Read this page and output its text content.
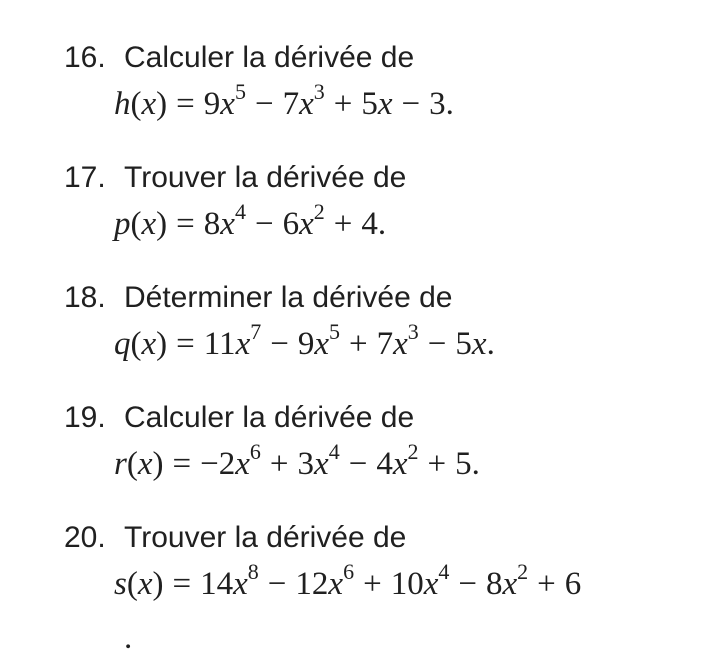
16. Calculer la dérivée de
$h(x) = 9x^5 - 7x^3 + 5x - 3$.
17. Trouver la dérivée de
$p(x) = 8x^4 - 6x^2 + 4$.
18. Déterminer la dérivée de
$q(x) = 11x^7 - 9x^5 + 7x^3 - 5x$.
19. Calculer la dérivée de
$r(x) = -2x^6 + 3x^4 - 4x^2 + 5$.
20. Trouver la dérivée de
$s(x) = 14x^8 - 12x^6 + 10x^4 - 8x^2 + 6$
.
